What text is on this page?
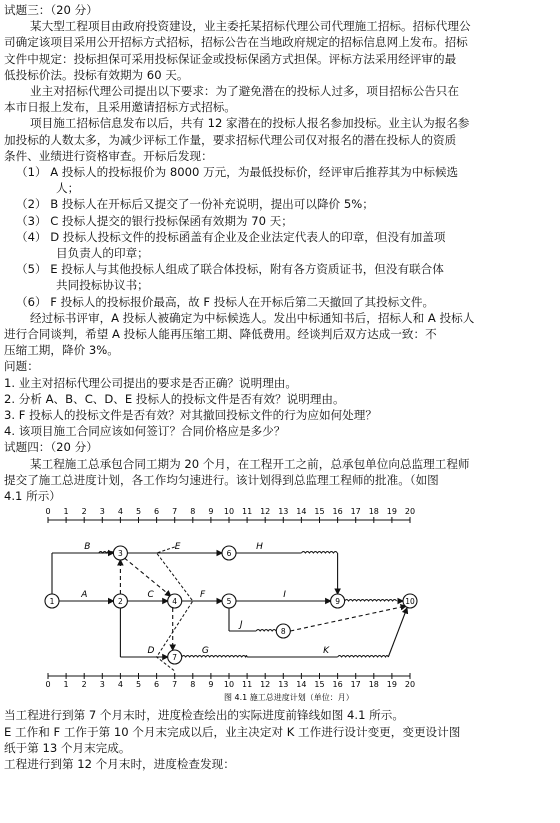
试题三：（20 分）
某大型工程项目由政府投资建设，业主委托某招标代理公司代理施工招标。招标代理公
司确定该项目采用公开招标方式招标，招标公告在当地政府规定的招标信息网上发布。招标
文件中规定：投标担保可采用投标保证金或投标保函方式担保。评标方法采用经评审的最
低投标价法。投标有效期为 60 天。
业主对招标代理公司提出以下要求：为了避免潜在的投标人过多，项目招标公告只在
本市日报上发布，且采用邀请招标方式招标。
项目施工招标信息发布以后，共有 12 家潜在的投标人报名参加投标。业主认为报名参
加投标的人数太多，为减少评标工作量，要求招标代理公司仅对报名的潜在投标人的资质
条件、业绩进行资格审查。开标后发现：
（1） A 投标人的投标报价为 8000 万元，为最低投标价，经评审后推荐其为中标候选
人；
（2） B 投标人在开标后又提交了一份补充说明，提出可以降价 5%；
（3） C 投标人提交的银行投标保函有效期为 70 天；
（4） D 投标人投标文件的投标函盖有企业及企业法定代表人的印章，但没有加盖项
目负责人的印章；
（5） E 投标人与其他投标人组成了联合体投标，附有各方资质证书，但没有联合体
共同投标协议书；
（6） F 投标人的投标报价最高，故 F 投标人在开标后第二天撤回了其投标文件。
经过标书评审，A 投标人被确定为中标候选人。发出中标通知书后，招标人和 A 投标人
进行合同谈判，希望 A 投标人能再压缩工期、降低费用。经谈判后双方达成一致：不
压缩工期，降价 3%。
问题：
1. 业主对招标代理公司提出的要求是否正确？说明理由。
2. 分析 A、B、C、D、E 投标人的投标文件是否有效？说明理由。
3. F 投标人的投标文件是否有效？对其撤回投标文件的行为应如何处理？
4. 该项目施工合同应该如何签订？合同价格应是多少？
试题四：（20 分）
某工程施工总承包合同工期为 20 个月，在工程开工之前，总承包单位向总监理工程师
提交了施工总进度计划，各工作均匀速进行。该计划得到总监理工程师的批准。（如图
4.1 所示）
0 1 2 3 4 5 6 7 8 9 10 11 12 13 14 15 16 17 18 19 20
0 1 2 3 4 5 6 7 8 9 10 11 12 13 14 15 16 17 18 19 20
A
B
C
D
E	H
F	I
J
G	K
1	2
3
4	5
6
7
8
9	10
图 4.1 施工总进度计划（单位：月）
当工程进行到第 7 个月末时，进度检查绘出的实际进度前锋线如图 4.1 所示。
E 工作和 F 工作于第 10 个月末完成以后，业主决定对 K 工作进行设计变更，变更设计图
纸于第 13 个月末完成。
工程进行到第 12 个月末时，进度检查发现：
